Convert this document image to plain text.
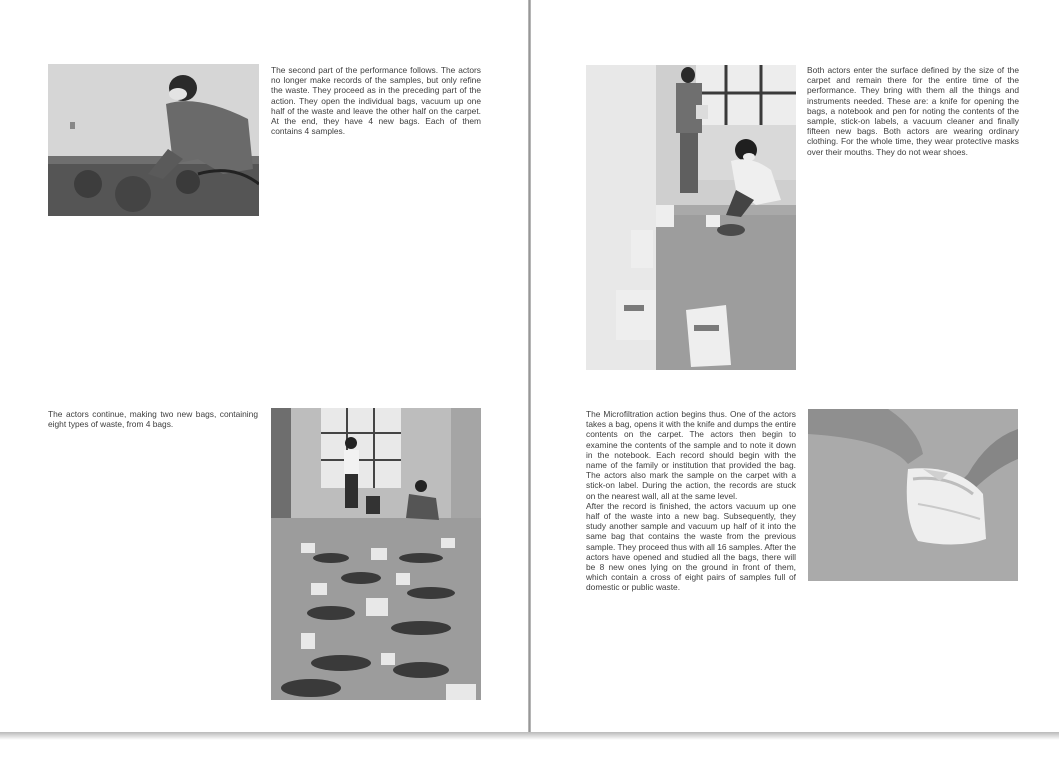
The second part of the performance follows. The actors no longer make records of the samples, but only refine the waste. They proceed as in the preceding part of the action. They open the individual bags, vacuum up one half of the waste and leave the other half on the carpet. At the end, they have 4 new bags. Each of them contains 4 samples.

The actors continue, making two new bags, containing eight types of waste, from 4 bags.

Both actors enter the surface defined by the size of the carpet and remain there for the entire time of the performance. They bring with them all the things and instruments needed. These are: a knife for opening the bags, a notebook and pen for noting the contents of the sample, stick-on labels, a vacuum cleaner and finally fifteen new bags. Both actors are wearing ordinary clothing. For the whole time, they wear protective masks over their mouths. They do not wear shoes.

The Microfiltration action begins thus. One of the actors takes a bag, opens it with the knife and dumps the entire contents on the carpet. The actors then begin to examine the contents of the sample and to note it down in the notebook. Each record should begin with the name of the family or institution that provided the bag. The actors also mark the sample on the carpet with a stick-on label. During the action, the records are stuck on the nearest wall, all at the same level.

After the record is finished, the actors vacuum up one half of the waste into a new bag. Subsequently, they study another sample and vacuum up half of it into the same bag that contains the waste from the previous sample. They proceed thus with all 16 samples. After the actors have opened and studied all the bags, there will be 8 new ones lying on the ground in front of them, which contain a cross of eight pairs of samples full of domestic or public waste.
